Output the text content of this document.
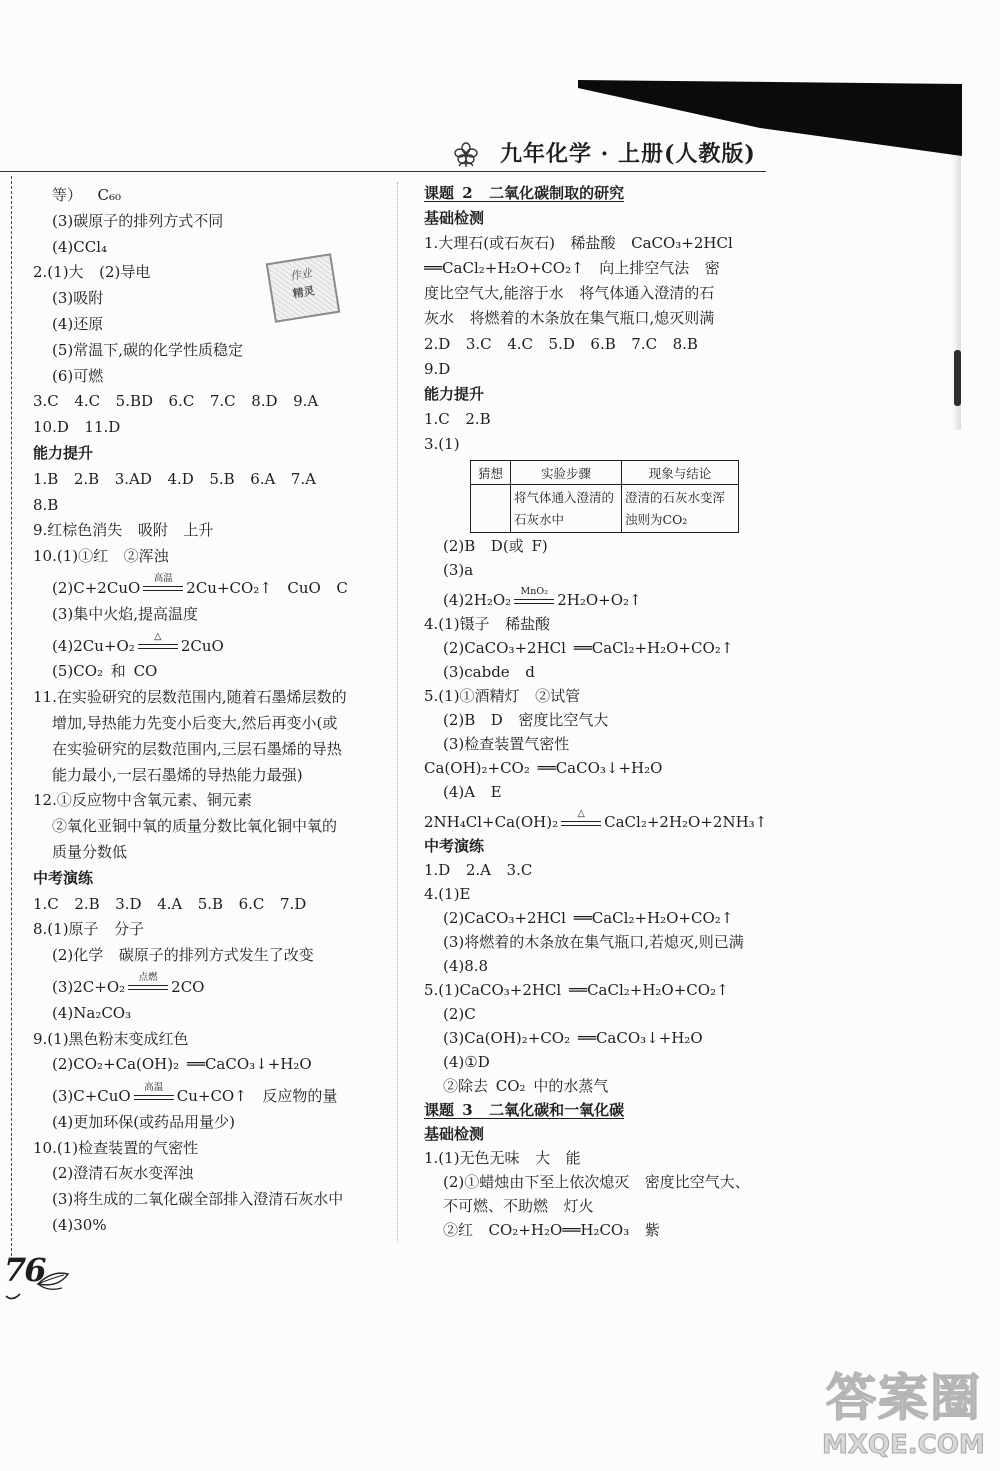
九年化学 · 上册(人教版)
等）  C₆₀
(3)碳原子的排列方式不同
(4)CCl₄
2.(1)大  (2)导电
(3)吸附
(4)还原
(5)常温下,碳的化学性质稳定
(6)可燃
3.C  4.C  5.BD  6.C  7.C  8.D  9.A
10.D  11.D
能力提升
1.B  2.B  3.AD  4.D  5.B  6.A  7.A
8.B
9.红棕色消失  吸附  上升
10.(1)①红  ②浑浊
(2)C+2CuO	高温 2Cu+CO₂↑  CuO  C
(3)集中火焰,提高温度
(4)2Cu+O₂	△	2CuO
(5)CO₂ 和 CO
11.在实验研究的层数范围内,随着石墨烯层数的
增加,导热能力先变小后变大,然后再变小(或
在实验研究的层数范围内,三层石墨烯的导热
能力最小,一层石墨烯的导热能力最强)
12.①反应物中含氧元素、铜元素
②氧化亚铜中氧的质量分数比氧化铜中氧的
质量分数低
中考演练
1.C  2.B  3.D  4.A  5.B  6.C  7.D
8.(1)原子  分子
(2)化学  碳原子的排列方式发生了改变
(3)2C+O₂	点燃 2CO
(4)Na₂CO₃
9.(1)黑色粉末变成红色
(2)CO₂+Ca(OH)₂ ══CaCO₃↓+H₂O
(3)C+CuO	高温 Cu+CO↑  反应物的量
(4)更加环保(或药品用量少)
10.(1)检查装置的气密性
(2)澄清石灰水变浑浊
(3)将生成的二氧化碳全部排入澄清石灰水中
(4)30%
课题 2  二氧化碳制取的研究
基础检测
1.大理石(或石灰石)  稀盐酸  CaCO₃+2HCl
══CaCl₂+H₂O+CO₂↑  向上排空气法  密
度比空气大,能溶于水  将气体通入澄清的石
灰水  将燃着的木条放在集气瓶口,熄灭则满
2.D  3.C  4.C  5.D  6.B  7.C  8.B
9.D
能力提升
1.C  2.B
3.(1)
猜想	实验步骤	现象与结论
	将气体通入澄清的石灰水中	澄清的石灰水变浑浊则为CO₂
(2)B  D(或 F)
(3)a
(4)2H₂O₂ MnO₂ 2H₂O+O₂↑
4.(1)镊子  稀盐酸
(2)CaCO₃+2HCl ══CaCl₂+H₂O+CO₂↑
(3)cabde  d
5.(1)①酒精灯  ②试管
(2)B  D  密度比空气大
(3)检查装置气密性
Ca(OH)₂+CO₂ ══CaCO₃↓+H₂O
(4)A  E
2NH₄Cl+Ca(OH)₂	△	CaCl₂+2H₂O+2NH₃↑
中考演练
1.D  2.A  3.C
4.(1)E
(2)CaCO₃+2HCl ══CaCl₂+H₂O+CO₂↑
(3)将燃着的木条放在集气瓶口,若熄灭,则已满
(4)8.8
5.(1)CaCO₃+2HCl ══CaCl₂+H₂O+CO₂↑
(2)C
(3)Ca(OH)₂+CO₂ ══CaCO₃↓+H₂O
(4)①D
②除去 CO₂ 中的水蒸气
课题 3  二氧化碳和一氧化碳
基础检测
1.(1)无色无味  大  能
(2)①蜡烛由下至上依次熄灭  密度比空气大、
不可燃、不助燃  灯火
②红  CO₂+H₂O══H₂CO₃  紫
作业
精灵
76
答案圈
MXQE.COM
